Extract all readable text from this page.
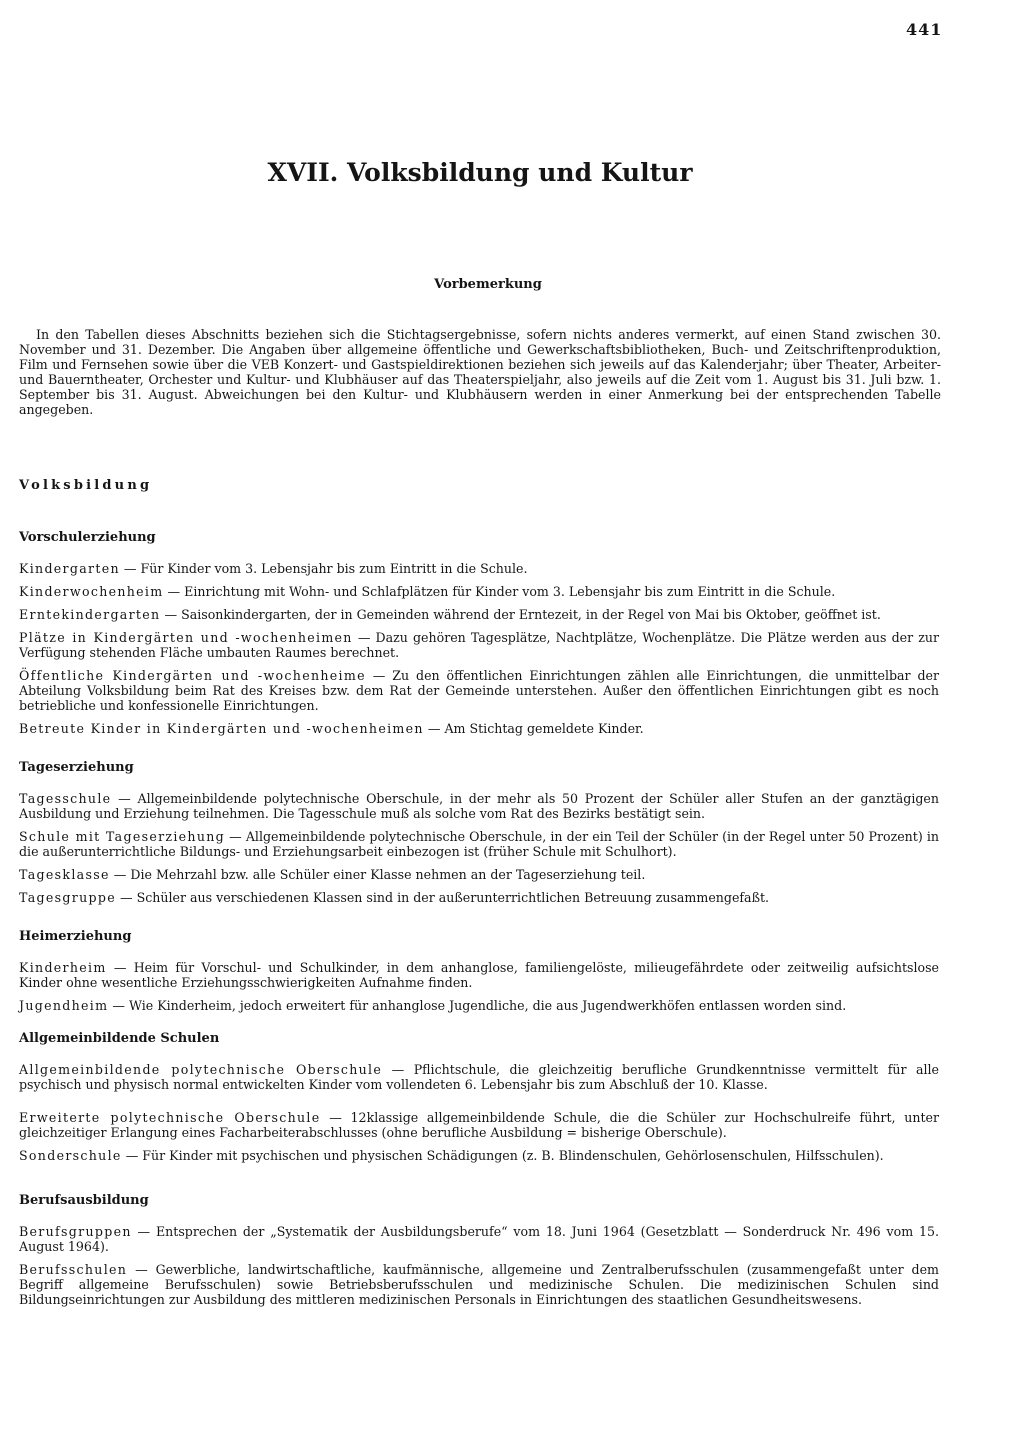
441
XVII. Volksbildung und Kultur
Vorbemerkung

In den Tabellen dieses Abschnitts beziehen sich die Stichtagsergebnisse, sofern nichts anderes vermerkt, auf einen Stand zwischen 30. November und 31. Dezember. Die Angaben über allgemeine öffentliche und Gewerkschaftsbibliotheken, Buch- und Zeitschriftenproduktion, Film und Fernsehen sowie über die VEB Konzert- und Gastspieldirektionen beziehen sich jeweils auf das Kalenderjahr; über Theater, Arbeiter- und Bauerntheater, Orchester und Kultur- und Klubhäuser auf das Theaterspieljahr, also jeweils auf die Zeit vom 1. August bis 31. Juli bzw. 1. September bis 31. August. Abweichungen bei den Kultur- und Klubhäusern werden in einer Anmerkung bei der entsprechenden Tabelle angegeben.

Volksbildung
Vorschulerziehung

Kindergarten — Für Kinder vom 3. Lebensjahr bis zum Eintritt in die Schule.

Kinderwochenheim — Einrichtung mit Wohn- und Schlafplätzen für Kinder vom 3. Lebensjahr bis zum Eintritt in die Schule.

Erntekindergarten — Saisonkindergarten, der in Gemeinden während der Erntezeit, in der Regel von Mai bis Oktober, geöffnet ist.

Plätze in Kindergärten und -wochenheimen — Dazu gehören Tagesplätze, Nachtplätze, Wochenplätze. Die Plätze werden aus der zur Verfügung stehenden Fläche umbauten Raumes berechnet.

Öffentliche Kindergärten und -wochenheime — Zu den öffentlichen Einrichtungen zählen alle Einrichtungen, die unmittelbar der Abteilung Volksbildung beim Rat des Kreises bzw. dem Rat der Gemeinde unterstehen. Außer den öffentlichen Einrichtungen gibt es noch betriebliche und konfessionelle Einrichtungen.

Betreute Kinder in Kindergärten und -wochenheimen — Am Stichtag gemeldete Kinder.

Tageserziehung

Tagesschule — Allgemeinbildende polytechnische Oberschule, in der mehr als 50 Prozent der Schüler aller Stufen an der ganztägigen Ausbildung und Erziehung teilnehmen. Die Tagesschule muß als solche vom Rat des Bezirks bestätigt sein.

Schule mit Tageserziehung — Allgemeinbildende polytechnische Oberschule, in der ein Teil der Schüler (in der Regel unter 50 Prozent) in die außerunterrichtliche Bildungs- und Erziehungsarbeit einbezogen ist (früher Schule mit Schulhort).

Tagesklasse — Die Mehrzahl bzw. alle Schüler einer Klasse nehmen an der Tageserziehung teil.

Tagesgruppe — Schüler aus verschiedenen Klassen sind in der außerunterrichtlichen Betreuung zusammengefaßt.

Heimerziehung

Kinderheim — Heim für Vorschul- und Schulkinder, in dem anhanglose, familiengelöste, milieugefährdete oder zeitweilig aufsichtslose Kinder ohne wesentliche Erziehungsschwierigkeiten Aufnahme finden.

Jugendheim — Wie Kinderheim, jedoch erweitert für anhanglose Jugendliche, die aus Jugendwerkhöfen entlassen worden sind.

Allgemeinbildende Schulen

Allgemeinbildende polytechnische Oberschule — Pflichtschule, die gleichzeitig berufliche Grundkenntnisse vermittelt für alle psychisch und physisch normal entwickelten Kinder vom vollendeten 6. Lebensjahr bis zum Abschluß der 10. Klasse.

Erweiterte polytechnische Oberschule — 12klassige allgemeinbildende Schule, die die Schüler zur Hochschulreife führt, unter gleichzeitiger Erlangung eines Facharbeiterabschlusses (ohne berufliche Ausbildung = bisherige Oberschule).

Sonderschule — Für Kinder mit psychischen und physischen Schädigungen (z. B. Blindenschulen, Gehörlosenschulen, Hilfsschulen).

Berufsausbildung

Berufsgruppen — Entsprechen der „Systematik der Ausbildungsberufe“ vom 18. Juni 1964 (Gesetzblatt — Sonderdruck Nr. 496 vom 15. August 1964).

Berufsschulen — Gewerbliche, landwirtschaftliche, kaufmännische, allgemeine und Zentralberufsschulen (zusammengefaßt unter dem Begriff allgemeine Berufsschulen) sowie Betriebsberufsschulen und medizinische Schulen. Die medizinischen Schulen sind Bildungseinrichtungen zur Ausbildung des mittleren medizinischen Personals in Einrichtungen des staatlichen Gesundheitswesens.
